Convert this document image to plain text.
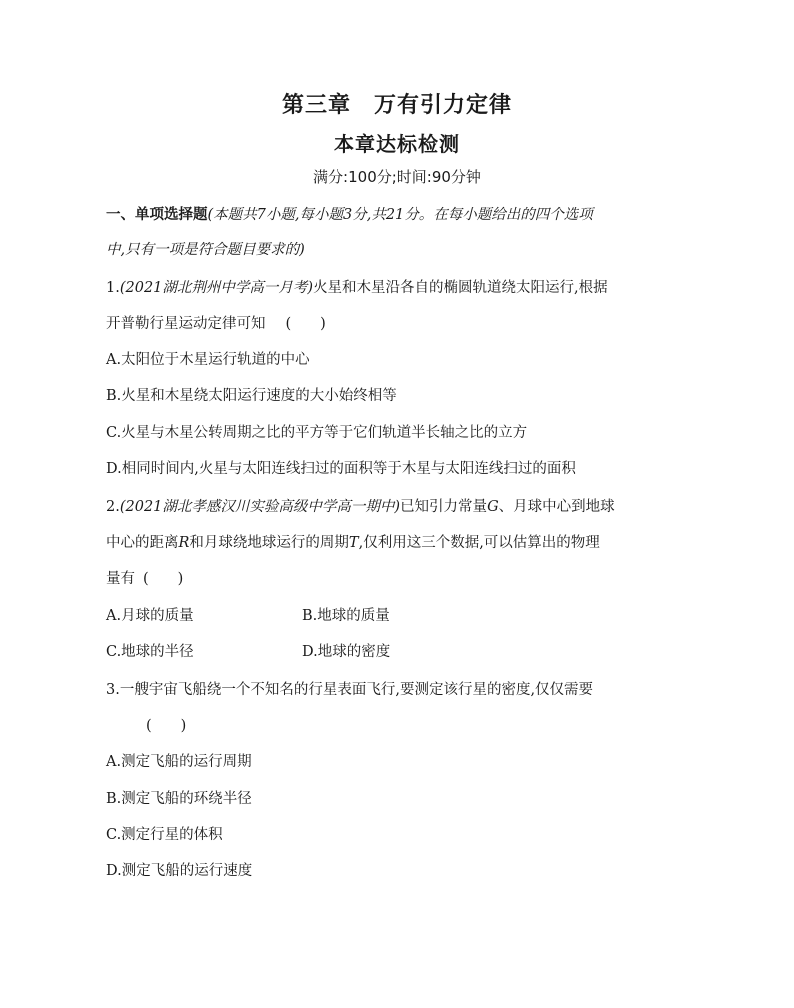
第三章　万有引力定律
本章达标检测
满分:100分;时间:90分钟
一、单项选择题(本题共7小题,每小题3分,共21分。在每小题给出的四个选项
中,只有一项是符合题目要求的)
1.(2021湖北荆州中学高一月考)火星和木星沿各自的椭圆轨道绕太阳运行,根据
开普勒行星运动定律可知 (　　)
A.太阳位于木星运行轨道的中心
B.火星和木星绕太阳运行速度的大小始终相等
C.火星与木星公转周期之比的平方等于它们轨道半长轴之比的立方
D.相同时间内,火星与太阳连线扫过的面积等于木星与太阳连线扫过的面积
2.(2021湖北孝感汉川实验高级中学高一期中)已知引力常量G、月球中心到地球
中心的距离R和月球绕地球运行的周期T,仅利用这三个数据,可以估算出的物理
量有 (　　)
A.月球的质量	B.地球的质量
C.地球的半径	D.地球的密度
3.一艘宇宙飞船绕一个不知名的行星表面飞行,要测定该行星的密度,仅仅需要
(　　)
A.测定飞船的运行周期
B.测定飞船的环绕半径
C.测定行星的体积
D.测定飞船的运行速度
